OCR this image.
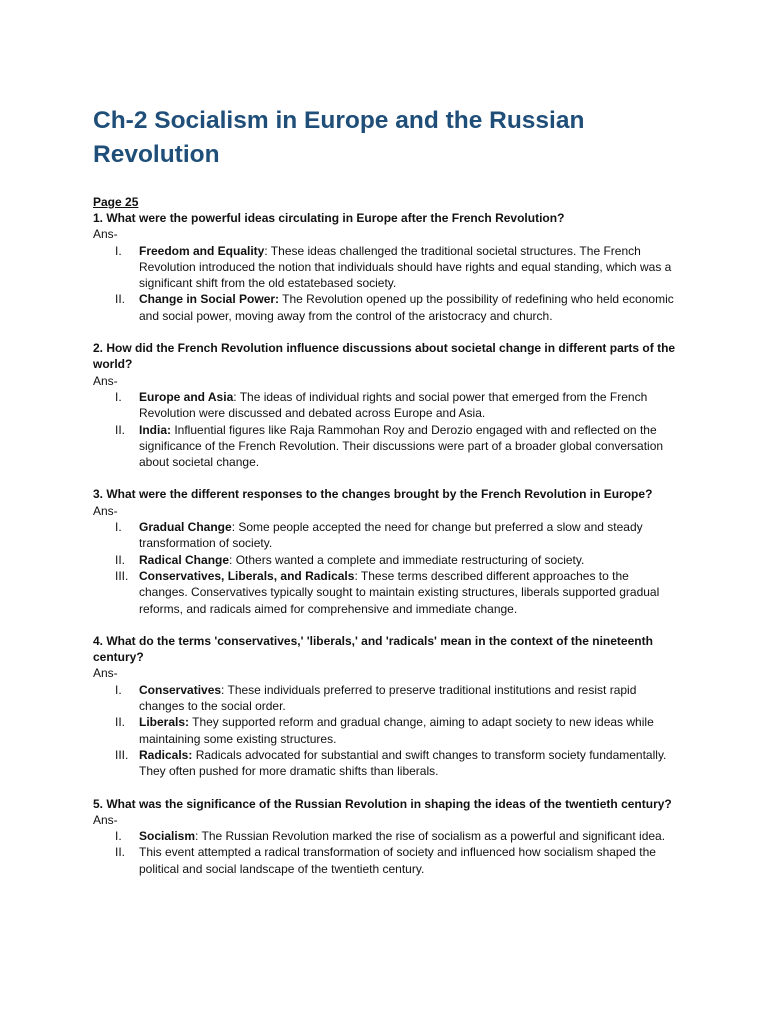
Ch-2 Socialism in Europe and the Russian Revolution

Page 25

1. What were the powerful ideas circulating in Europe after the French Revolution?

Ans-

I.	Freedom and Equality: These ideas challenged the traditional societal structures. The French Revolution introduced the notion that individuals should have rights and equal standing, which was a significant shift from the old estatebased society.
II.	Change in Social Power: The Revolution opened up the possibility of redefining who held economic and social power, moving away from the control of the aristocracy and church.

2. How did the French Revolution influence discussions about societal change in different parts of the world?

Ans-

I.	Europe and Asia: The ideas of individual rights and social power that emerged from the French Revolution were discussed and debated across Europe and Asia.
II.	India: Influential figures like Raja Rammohan Roy and Derozio engaged with and reflected on the significance of the French Revolution. Their discussions were part of a broader global conversation about societal change.

3. What were the different responses to the changes brought by the French Revolution in Europe?

Ans-

I.	Gradual Change: Some people accepted the need for change but preferred a slow and steady transformation of society.
II.	Radical Change: Others wanted a complete and immediate restructuring of society.
III. Conservatives, Liberals, and Radicals: These terms described different approaches to the changes. Conservatives typically sought to maintain existing structures, liberals supported gradual reforms, and radicals aimed for comprehensive and immediate change.

4. What do the terms 'conservatives,' 'liberals,' and 'radicals' mean in the context of the nineteenth century?

Ans-

I.	Conservatives: These individuals preferred to preserve traditional institutions and resist rapid changes to the social order.
II.	Liberals: They supported reform and gradual change, aiming to adapt society to new ideas while maintaining some existing structures.
III. Radicals: Radicals advocated for substantial and swift changes to transform society fundamentally. They often pushed for more dramatic shifts than liberals.

5. What was the significance of the Russian Revolution in shaping the ideas of the twentieth century?

Ans-

I.	Socialism: The Russian Revolution marked the rise of socialism as a powerful and significant idea.
II.	This event attempted a radical transformation of society and influenced how socialism shaped the political and social landscape of the twentieth century.
